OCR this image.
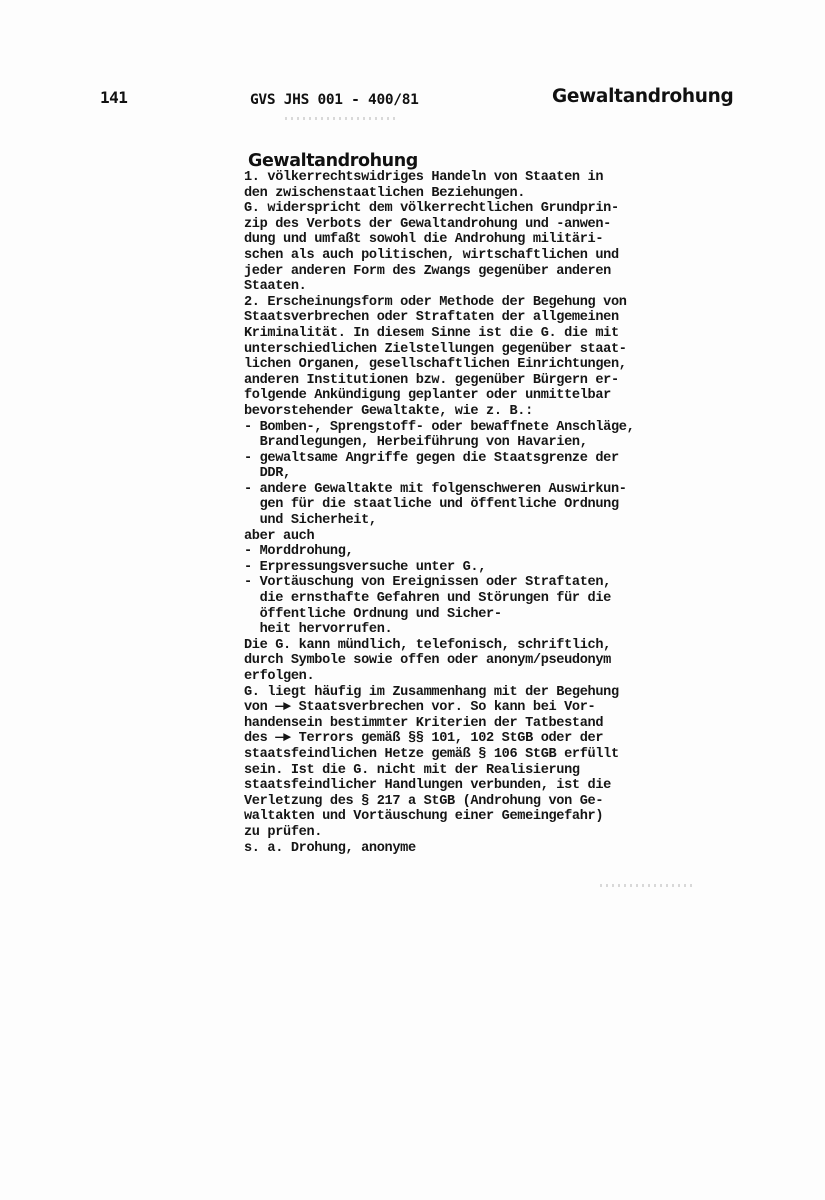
141	GVS JHS 001 - 400/81	Gewaltandrohung
Gewaltandrohung
1. völkerrechtswidriges Handeln von Staaten in
den zwischenstaatlichen Beziehungen.
G. widerspricht dem völkerrechtlichen Grundprin-
zip des Verbots der Gewaltandrohung und -anwen-
dung und umfaßt sowohl die Androhung militäri-
schen als auch politischen, wirtschaftlichen und
jeder anderen Form des Zwangs gegenüber anderen
Staaten.
2. Erscheinungsform oder Methode der Begehung von
Staatsverbrechen oder Straftaten der allgemeinen
Kriminalität. In diesem Sinne ist die G. die mit
unterschiedlichen Zielstellungen gegenüber staat-
lichen Organen, gesellschaftlichen Einrichtungen,
anderen Institutionen bzw. gegenüber Bürgern er-
folgende Ankündigung geplanter oder unmittelbar
bevorstehender Gewaltakte, wie z. B.:
- Bomben-, Sprengstoff- oder bewaffnete Anschläge,
Brandlegungen, Herbeiführung von Havarien,
- gewaltsame Angriffe gegen die Staatsgrenze der
DDR,
- andere Gewaltakte mit folgenschweren Auswirkun-
gen für die staatliche und öffentliche Ordnung
und Sicherheit,
aber auch
- Morddrohung,
- Erpressungsversuche unter G.,
- Vortäuschung von Ereignissen oder Straftaten,
die ernsthafte Gefahren und Störungen für die
öffentliche Ordnung und Sicher-
heit hervorrufen.
Die G. kann mündlich, telefonisch, schriftlich,
durch Symbole sowie offen oder anonym/pseudonym
erfolgen.
G. liegt häufig im Zusammenhang mit der Begehung
von —► Staatsverbrechen vor. So kann bei Vor-
handensein bestimmter Kriterien der Tatbestand
des —► Terrors gemäß §§ 101, 102 StGB oder der
staatsfeindlichen Hetze gemäß § 106 StGB erfüllt
sein. Ist die G. nicht mit der Realisierung
staatsfeindlicher Handlungen verbunden, ist die
Verletzung des § 217 a StGB (Androhung von Ge-
waltakten und Vortäuschung einer Gemeingefahr)
zu prüfen.
s. a. Drohung, anonyme
